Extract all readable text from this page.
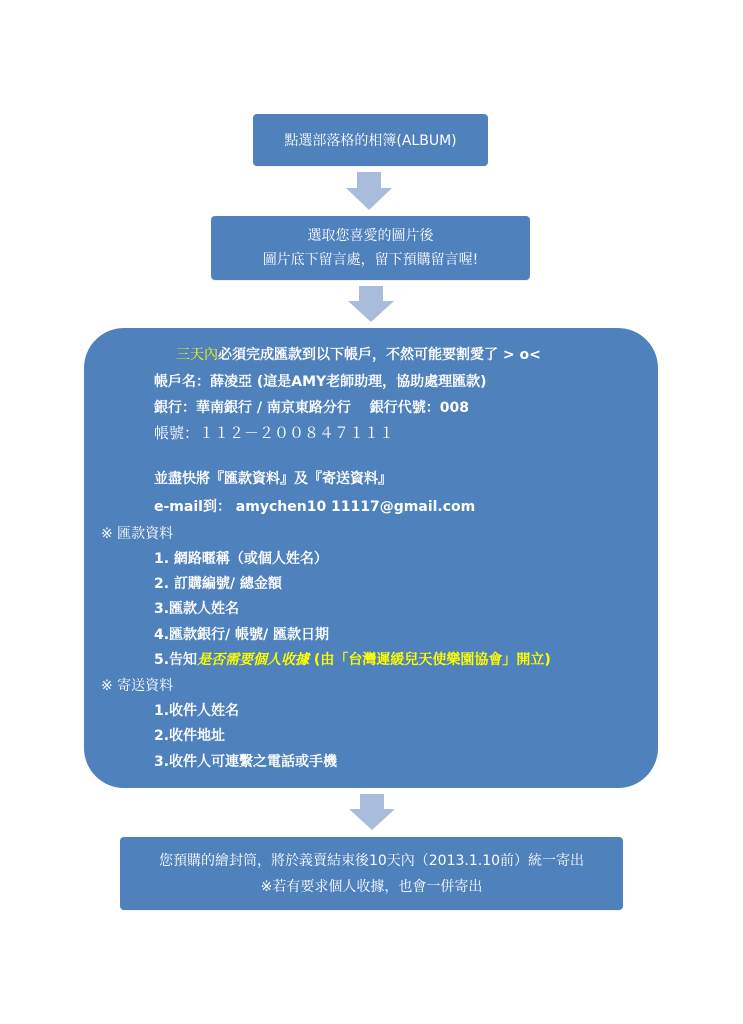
點選部落格的相簿(ALBUM)
選取您喜愛的圖片後
圖片底下留言處，留下預購留言喔!
三天內必須完成匯款到以下帳戶，不然可能要割愛了 > o<
帳戶名：薛凌亞 (這是AMY老師助理，協助處理匯款)
銀行：華南銀行 / 南京東路分行　 銀行代號：008
帳號：１１２－２００８４７１１１
並盡快將『匯款資料』及『寄送資料』
e-mail到： amychen10 11117@gmail.com
※ 匯款資料
1. 網路暱稱（或個人姓名）
2. 訂購編號/ 總金額
3.匯款人姓名
4.匯款銀行/ 帳號/ 匯款日期
5.告知是否需要個人收據 (由「台灣遲緩兒天使樂園協會」開立)
※ 寄送資料
1.收件人姓名
2.收件地址
3.收件人可連繫之電話或手機
您預購的繪封筒，將於義賣結束後10天內（2013.1.10前）統一寄出
※若有要求個人收據，也會一併寄出
